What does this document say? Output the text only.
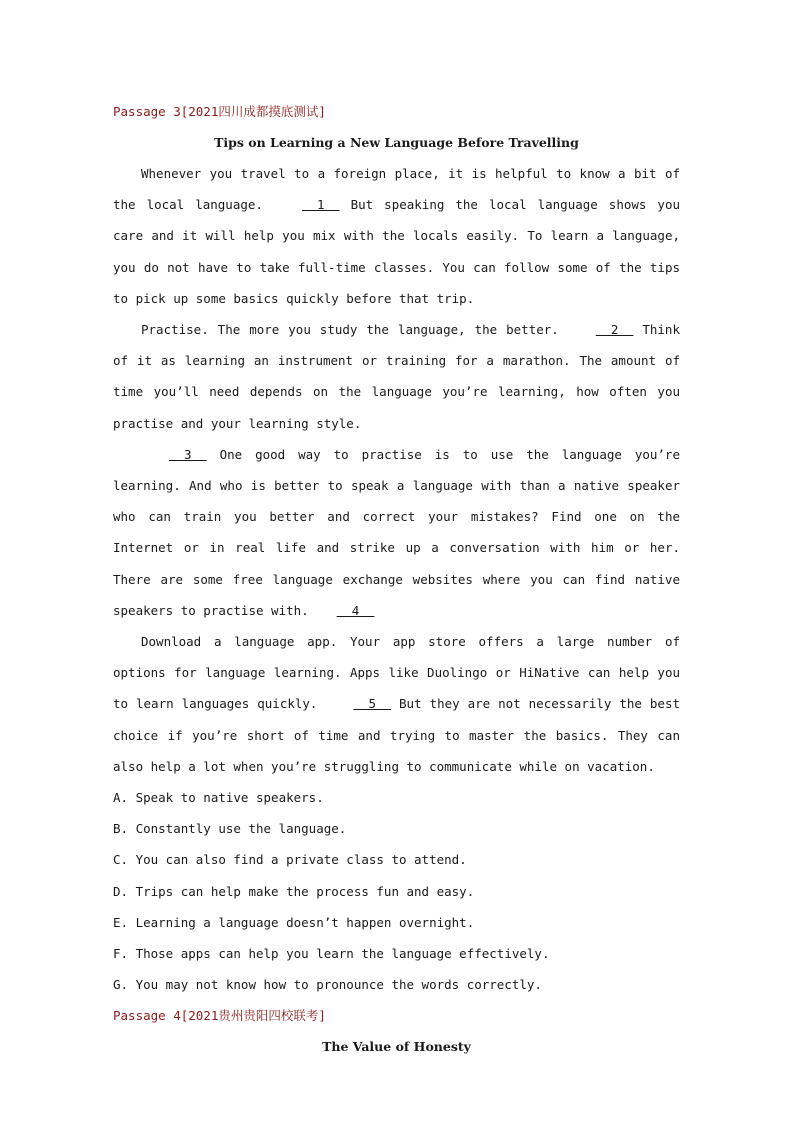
Passage 3[2021四川成都摸底测试]
Tips on Learning a New Language Before Travelling

Whenever you travel to a foreign place, it is helpful to know a bit of the local language.   1   But speaking the local language shows you care and it will help you mix with the locals easily. To learn a language, you do not have to take full-time classes. You can follow some of the tips to pick up some basics quickly before that trip.

Practise. The more you study the language, the better.   2   Think of it as learning an instrument or training for a marathon. The amount of time you’ll need depends on the language you’re learning, how often you practise and your learning style.

3   One good way to practise is to use the language you’re learning. And who is better to speak a language with than a native speaker who can train you better and correct your mistakes? Find one on the Internet or in real life and strike up a conversation with him or her. There are some free language exchange websites where you can find native speakers to practise with.  4

Download a language app. Your app store offers a large number of options for language learning. Apps like Duolingo or HiNative can help you to learn languages quickly.   5   But they are not necessarily the best choice if you’re short of time and trying to master the basics. They can also help a lot when you’re struggling to communicate while on vacation.

A. Speak to native speakers.
B. Constantly use the language.
C. You can also find a private class to attend.
D. Trips can help make the process fun and easy.
E. Learning a language doesn’t happen overnight.
F. Those apps can help you learn the language effectively.
G. You may not know how to pronounce the words correctly.
Passage 4[2021贵州贵阳四校联考]
The Value of Honesty
